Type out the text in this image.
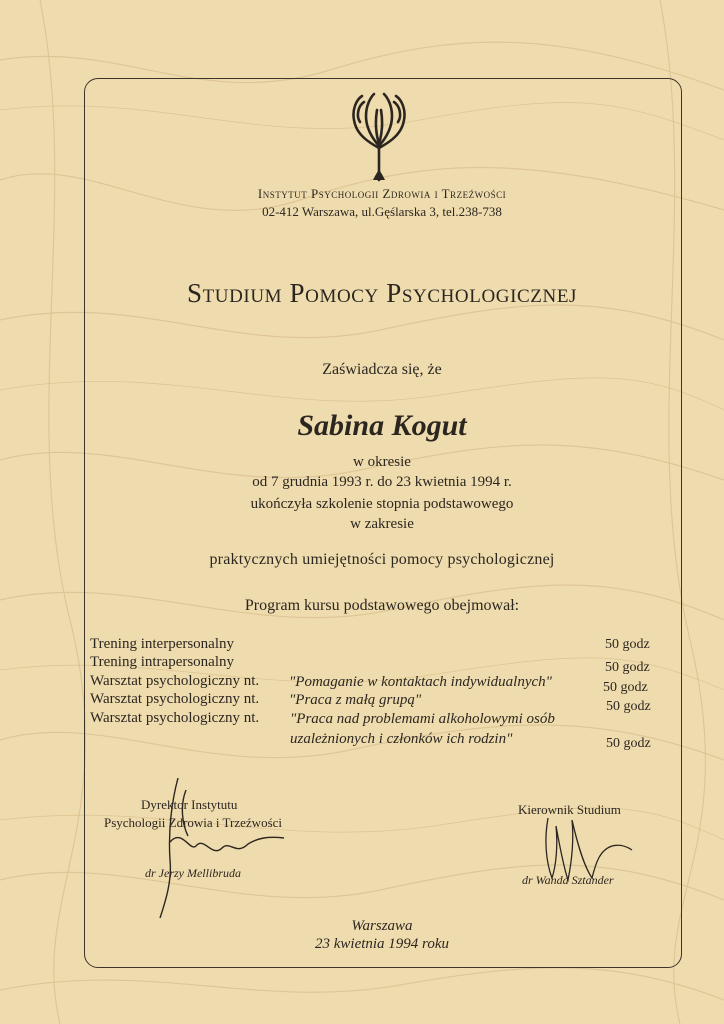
Instytut Psychologii Zdrowia i Trzeźwości
02-412 Warszawa, ul.Gęślarska 3, tel.238-738
Studium Pomocy Psychologicznej
Zaświadcza się, że
Sabina Kogut
w okresie
od 7 grudnia 1993 r. do 23 kwietnia 1994 r.
ukończyła szkolenie stopnia podstawowego
w zakresie
praktycznych umiejętności pomocy psychologicznej
Program kursu podstawowego obejmował:
Trening interpersonalny	50 godz
Trening intrapersonalny	50 godz
Warsztat psychologiczny nt. "Pomaganie w kontaktach indywidualnych"	50 godz
Warsztat psychologiczny nt. "Praca z małą grupą"	50 godz
Warsztat psychologiczny nt. "Praca nad problemami alkoholowymi osób
uzależnionych i członków ich rodzin"	50 godz
Dyrektor Instytutu
Psychologii Zdrowia i Trzeźwości
dr Jerzy Mellibruda
Kierownik Studium
dr Wanda Sztander
Warszawa
23 kwietnia 1994 roku
